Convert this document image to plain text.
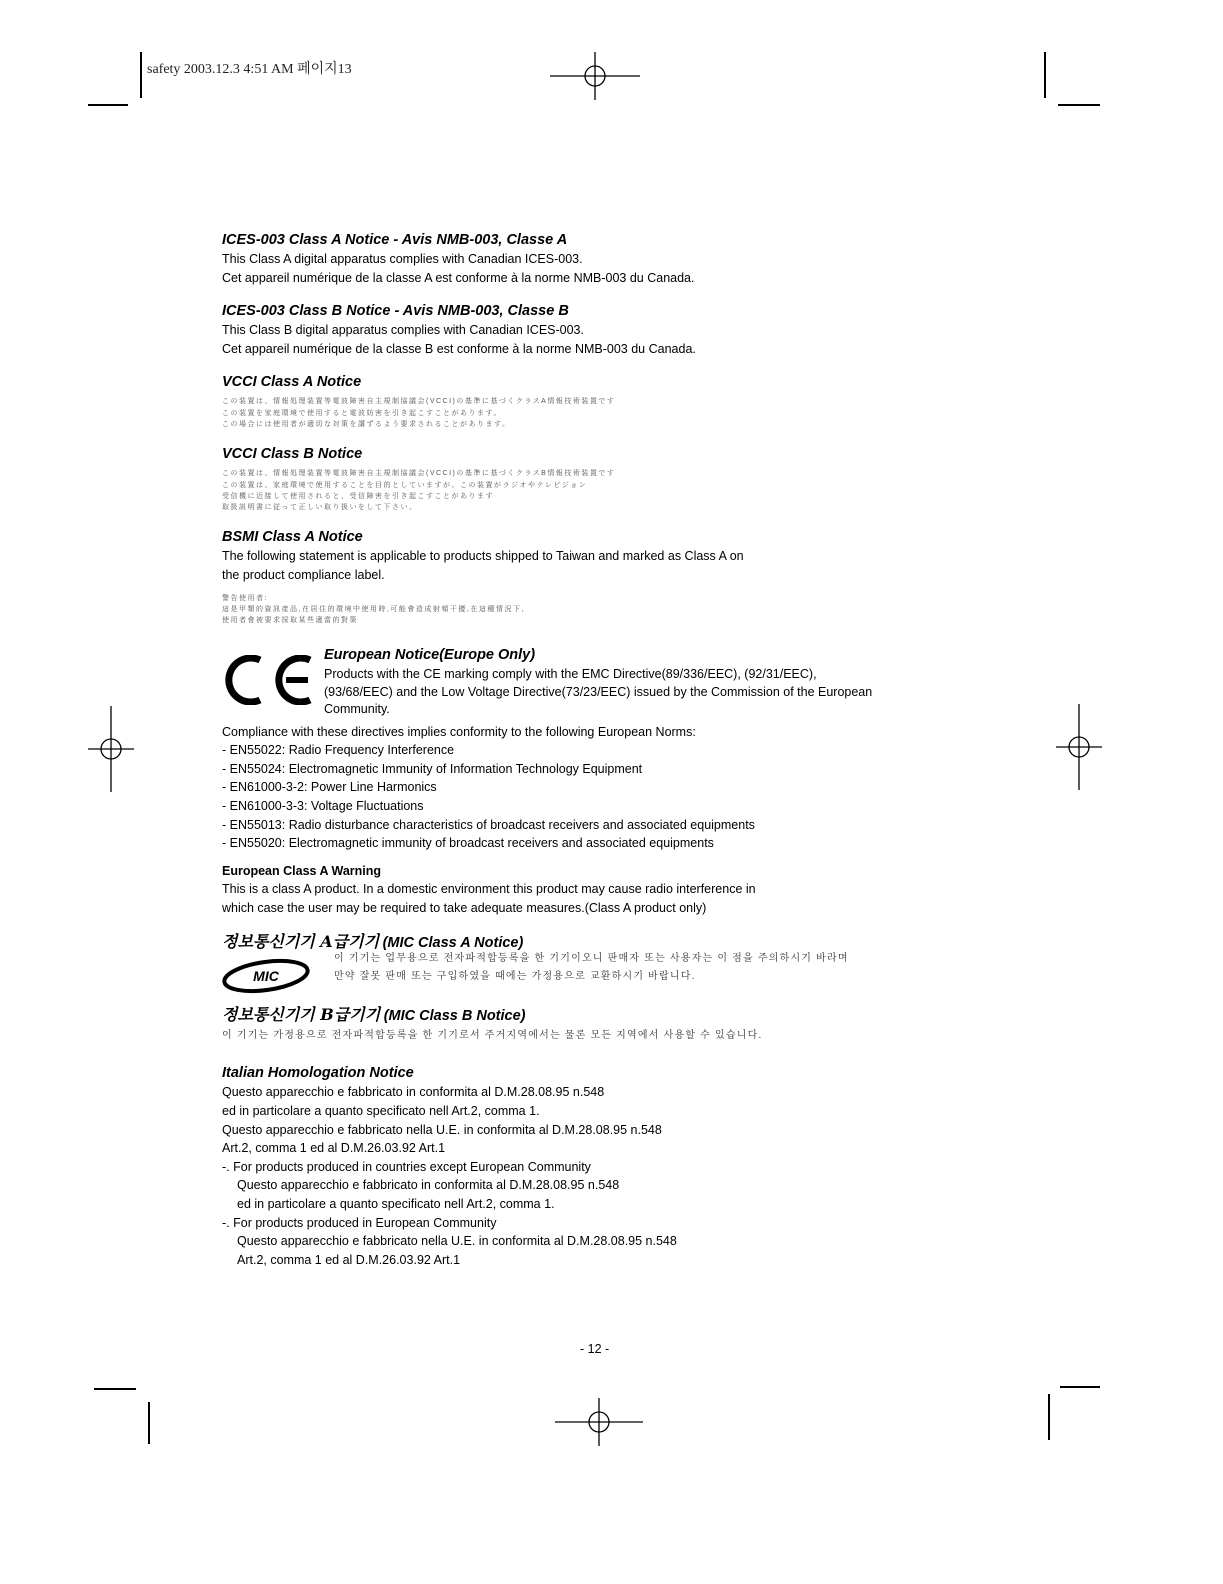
safety 2003.12.3 4:51 AM 페이지13

ICES-003 Class A Notice - Avis NMB-003, Classe A

This Class A digital apparatus complies with Canadian ICES-003.

Cet appareil numérique de la classe A est conforme à la norme NMB-003 du Canada.

ICES-003 Class B Notice - Avis NMB-003, Classe B

This Class B digital apparatus complies with Canadian ICES-003.

Cet appareil numérique de la classe B est conforme à la norme NMB-003 du Canada.

VCCI Class A Notice

この装置は、情報処理装置等電波障害自主規制協議会(VCCI)の基準に基づくクラスA情報技術装置です

この装置を家庭環境で使用すると電波妨害を引き起こすことがあります。

この場合には使用者が適切な対策を講ずるよう要求されることがあります。

VCCI Class B Notice

この装置は、情報処理装置等電波障害自主規制協議会(VCCI)の基準に基づくクラスB情報技術装置です

この装置は、家庭環境で使用することを目的としていますが、この装置がラジオやテレビジョン

受信機に近接して使用されると、受信障害を引き起こすことがあります

取扱説明書に従って正しい取り扱いをして下さい。

BSMI Class A Notice

The following statement is applicable to products shipped to Taiwan and marked as Class A on

the product compliance label.

警告使用者:

這是甲類的資訊產品,在居住的環境中使用時,可能會造成射頻干擾,在這種情況下,

使用者會被要求採取某些適當的對策

European Notice(Europe Only)

Products with the CE marking comply with the EMC Directive(89/336/EEC), (92/31/EEC),

(93/68/EEC) and the Low Voltage Directive(73/23/EEC) issued by the Commission of the European

Community.

Compliance with these directives implies conformity to the following European Norms:

- EN55022: Radio Frequency Interference

- EN55024: Electromagnetic Immunity of Information Technology Equipment

- EN61000-3-2: Power Line Harmonics

- EN61000-3-3: Voltage Fluctuations

- EN55013: Radio disturbance characteristics of broadcast receivers and associated equipments

- EN55020: Electromagnetic immunity of broadcast receivers and associated equipments

European Class A Warning

This is a class A product. In a domestic environment this product may cause radio interference in

which case the user may be required to take adequate measures.(Class A product only)

정보통신기기 A급기기 (MIC Class A Notice)

MIC

이 기기는 업무용으로 전자파적합등록을 한 기기이오니 판매자 또는 사용자는 이 점을 주의하시기 바라며

만약 잘못 판매 또는 구입하였을 때에는 가정용으로 교환하시기 바랍니다.

정보통신기기 B급기기 (MIC Class B Notice)

이 기기는 가정용으로 전자파적합등록을 한 기기로서 주거지역에서는 물론 모든 지역에서 사용할 수 있습니다.

Italian Homologation Notice

Questo apparecchio e fabbricato in conformita al D.M.28.08.95 n.548

ed in particolare a quanto specificato nell Art.2, comma 1.

Questo apparecchio e fabbricato nella U.E. in conformita al D.M.28.08.95 n.548

Art.2, comma 1 ed al D.M.26.03.92 Art.1

-. For products produced in countries except European Community

Questo apparecchio e fabbricato in conformita al D.M.28.08.95 n.548

ed in particolare a quanto specificato nell Art.2, comma 1.

-. For products produced in European Community

Questo apparecchio e fabbricato nella U.E. in conformita al D.M.28.08.95 n.548

Art.2, comma 1 ed al D.M.26.03.92 Art.1

- 12 -
